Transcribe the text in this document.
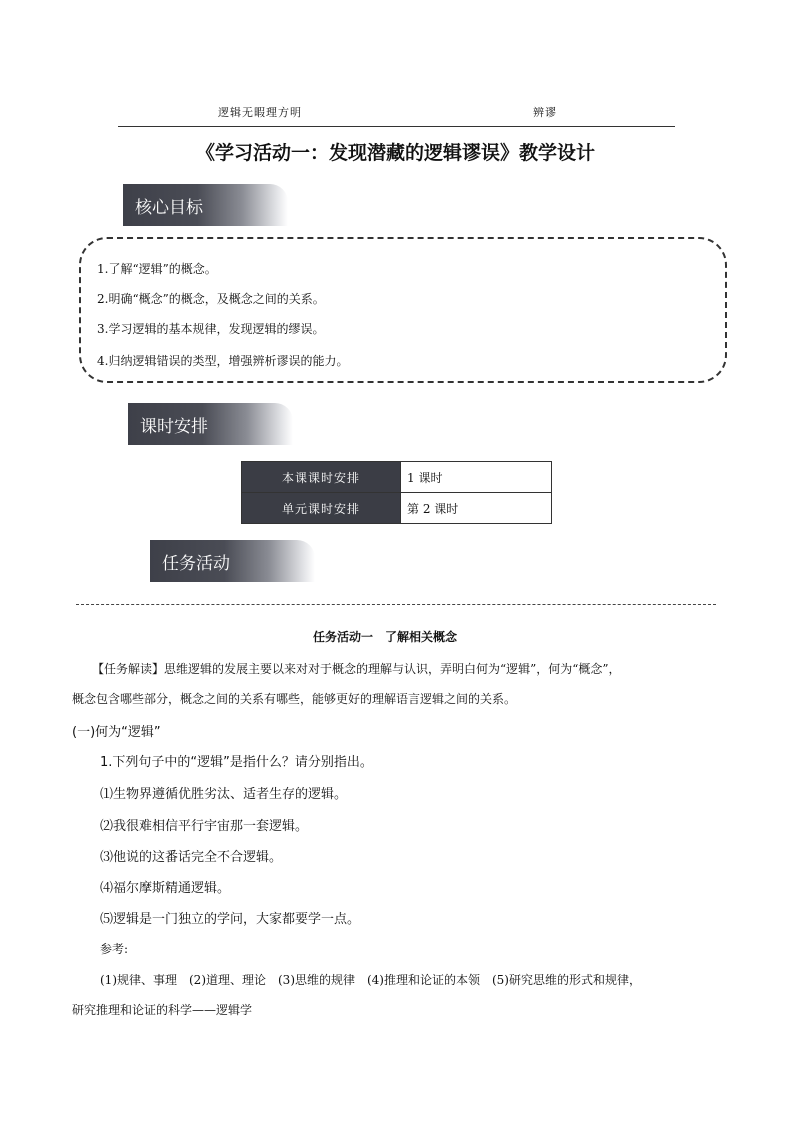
逻辑无暇理方明	辨谬
《学习活动一：发现潜藏的逻辑谬误》教学设计
核心目标
1.了解“逻辑”的概念。
2.明确“概念”的概念，及概念之间的关系。
3.学习逻辑的基本规律，发现逻辑的缪误。
4.归纳逻辑错误的类型，增强辨析谬误的能力。
课时安排
本课课时安排	1 课时
单元课时安排	第 2 课时
任务活动
任务活动一　了解相关概念
【任务解读】思维逻辑的发展主要以来对对于概念的理解与认识，弄明白何为“逻辑”，何为“概念”，
概念包含哪些部分，概念之间的关系有哪些，能够更好的理解语言逻辑之间的关系。
(一)何为“逻辑”
1.下列句子中的“逻辑”是指什么？请分别指出。
⑴生物界遵循优胜劣汰、适者生存的逻辑。
⑵我很难相信平行宇宙那一套逻辑。
⑶他说的这番话完全不合逻辑。
⑷福尔摩斯精通逻辑。
⑸逻辑是一门独立的学问，大家都要学一点。
参考:
(1)规律、事理　(2)道理、理论　(3)思维的规律　(4)推理和论证的本领　(5)研究思维的形式和规律，
研究推理和论证的科学——逻辑学
